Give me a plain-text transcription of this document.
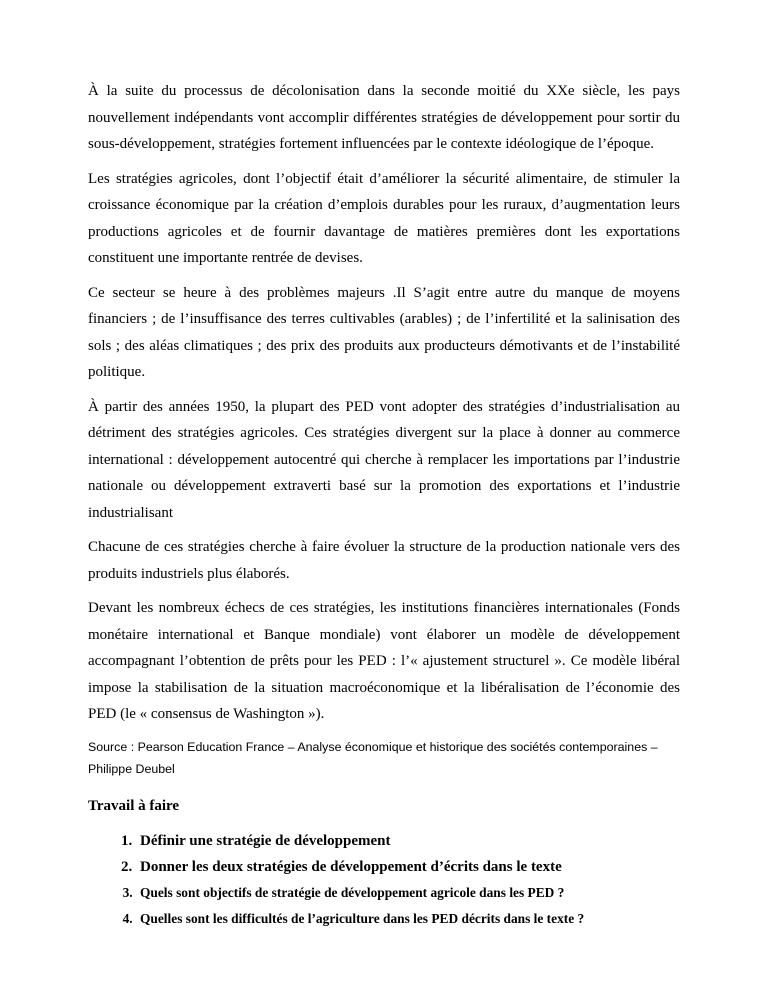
À la suite du processus de décolonisation dans la seconde moitié du XXe siècle, les pays nouvellement indépendants vont accomplir différentes stratégies de développement pour sortir du sous-développement, stratégies fortement influencées par le contexte idéologique de l’époque.

Les stratégies agricoles, dont l’objectif était d’améliorer la sécurité alimentaire, de stimuler la croissance économique par la création d’emplois durables pour les ruraux, d’augmentation leurs productions agricoles et de fournir davantage de matières premières dont les exportations constituent une importante rentrée de devises.

Ce secteur se heure à des problèmes majeurs .Il S’agit entre autre du manque de moyens financiers ; de l’insuffisance des terres cultivables (arables) ; de l’infertilité et la salinisation des sols ; des aléas climatiques ; des prix des produits aux producteurs démotivants et de l’instabilité politique.

À partir des années 1950, la plupart des PED vont adopter des stratégies d’industrialisation au détriment des stratégies agricoles. Ces stratégies divergent sur la place à donner au commerce international : développement autocentré qui cherche à remplacer les importations par l’industrie nationale ou développement extraverti basé sur la promotion des exportations et l’industrie industrialisant

Chacune de ces stratégies cherche à faire évoluer la structure de la production nationale vers des produits industriels plus élaborés.

Devant les nombreux échecs de ces stratégies, les institutions financières internationales (Fonds monétaire international et Banque mondiale) vont élaborer un modèle de développement accompagnant l’obtention de prêts pour les PED : l’« ajustement structurel ». Ce modèle libéral impose la stabilisation de la situation macroéconomique et la libéralisation de l’économie des PED (le « consensus de Washington »).

Source : Pearson Education France – Analyse économique et historique des sociétés contemporaines – Philippe Deubel

Travail à faire

1. Définir une stratégie de développement
2. Donner les deux stratégies de développement d’écrits dans le texte
3. Quels sont objectifs de stratégie de développement agricole dans les PED ?
4. Quelles sont les difficultés de l’agriculture dans les PED décrits dans le texte ?
